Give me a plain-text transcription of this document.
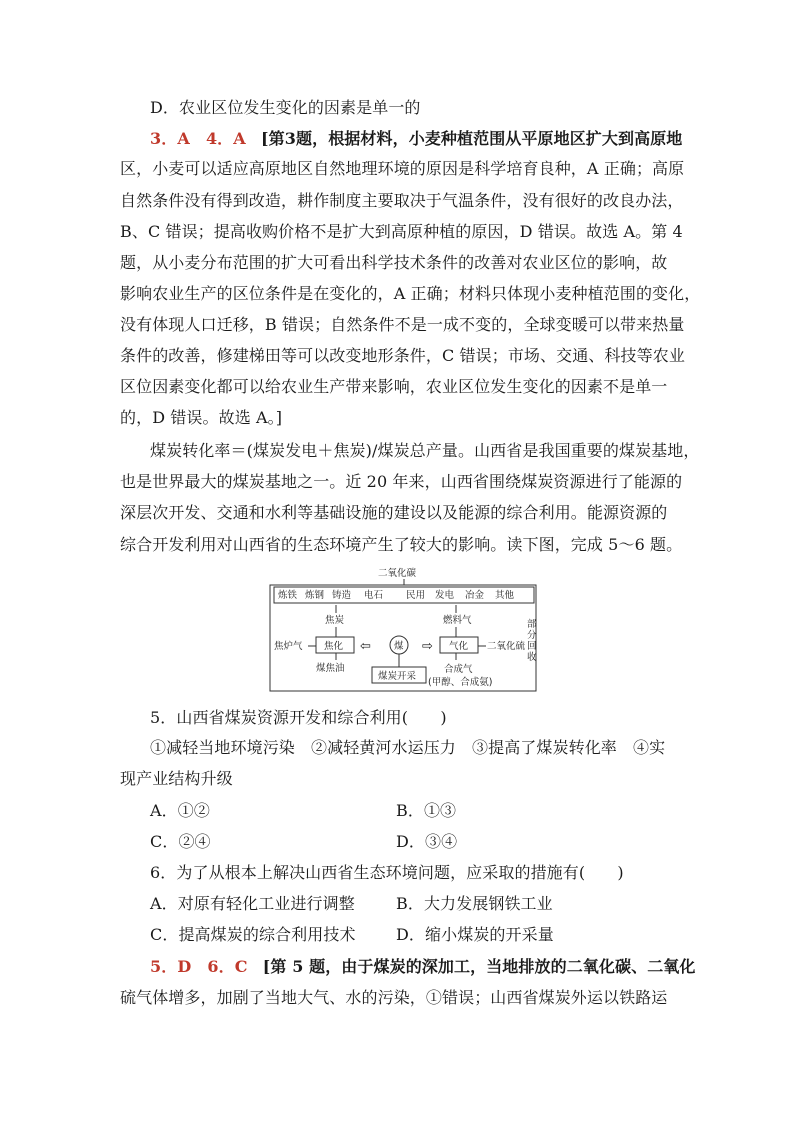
D．农业区位发生变化的因素是单一的
3．A　4．A [第3题，根据材料，小麦种植范围从平原地区扩大到高原地
区，小麦可以适应高原地区自然地理环境的原因是科学培育良种，A 正确；高原
自然条件没有得到改造，耕作制度主要取决于气温条件，没有很好的改良办法，
B、C 错误；提高收购价格不是扩大到高原种植的原因，D 错误。故选 A。第 4
题，从小麦分布范围的扩大可看出科学技术条件的改善对农业区位的影响，故
影响农业生产的区位条件是在变化的，A 正确；材料只体现小麦种植范围的变化，
没有体现人口迁移，B 错误；自然条件不是一成不变的，全球变暖可以带来热量
条件的改善，修建梯田等可以改变地形条件，C 错误；市场、交通、科技等农业
区位因素变化都可以给农业生产带来影响，农业区位发生变化的因素不是单一
的，D 错误。故选 A。]
煤炭转化率＝(煤炭发电＋焦炭)/煤炭总产量。山西省是我国重要的煤炭基地，
也是世界最大的煤炭基地之一。近 20 年来，山西省围绕煤炭资源进行了能源的
深层次开发、交通和水利等基础设施的建设以及能源的综合利用。能源资源的
综合开发利用对山西省的生态环境产生了较大的影响。读下图，完成 5～6 题。
二氧化碳
炼铁 炼钢 铸造 电石 民用 发电 冶金 其他
焦炭	燃料气
焦炉气 焦化 ⇦	⇨
煤	气化 二氧化硫
部
分
回
收
煤焦油
煤炭开采
合成气
(甲醇、合成氨)
5．山西省煤炭资源开发和综合利用(　　)
①减轻当地环境污染　②减轻黄河水运压力　③提高了煤炭转化率　④实
现产业结构升级
A．①②	B．①③
C．②④	D．③④
6．为了从根本上解决山西省生态环境问题，应采取的措施有(　　)
A．对原有轻化工业进行调整	B．大力发展钢铁工业
C．提高煤炭的综合利用技术	D．缩小煤炭的开采量
5．D　6．C [第 5 题，由于煤炭的深加工，当地排放的二氧化碳、二氧化
硫气体增多，加剧了当地大气、水的污染，①错误；山西省煤炭外运以铁路运
